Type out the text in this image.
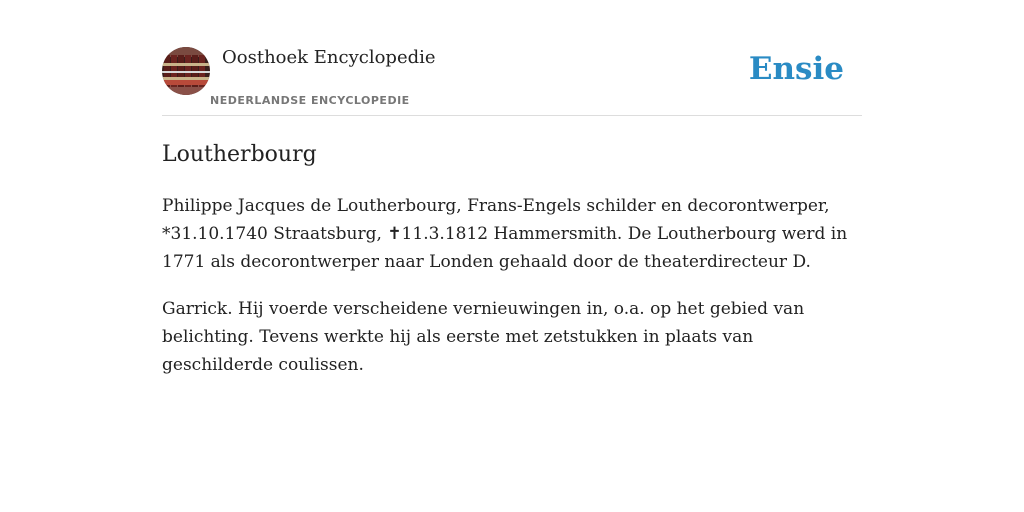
Oosthoek Encyclopedie
NEDERLANDSE ENCYCLOPEDIE
Ensie
Loutherbourg

Philippe Jacques de Loutherbourg, Frans-Engels schilder en decorontwerper, *31.10.1740 Straatsburg, ✝11.3.1812 Hammersmith. De Loutherbourg werd in 1771 als decorontwerper naar Londen gehaald door de theaterdirecteur D.

Garrick. Hij voerde verscheidene vernieuwingen in, o.a. op het gebied van belichting. Tevens werkte hij als eerste met zetstukken in plaats van geschilderde coulissen.
